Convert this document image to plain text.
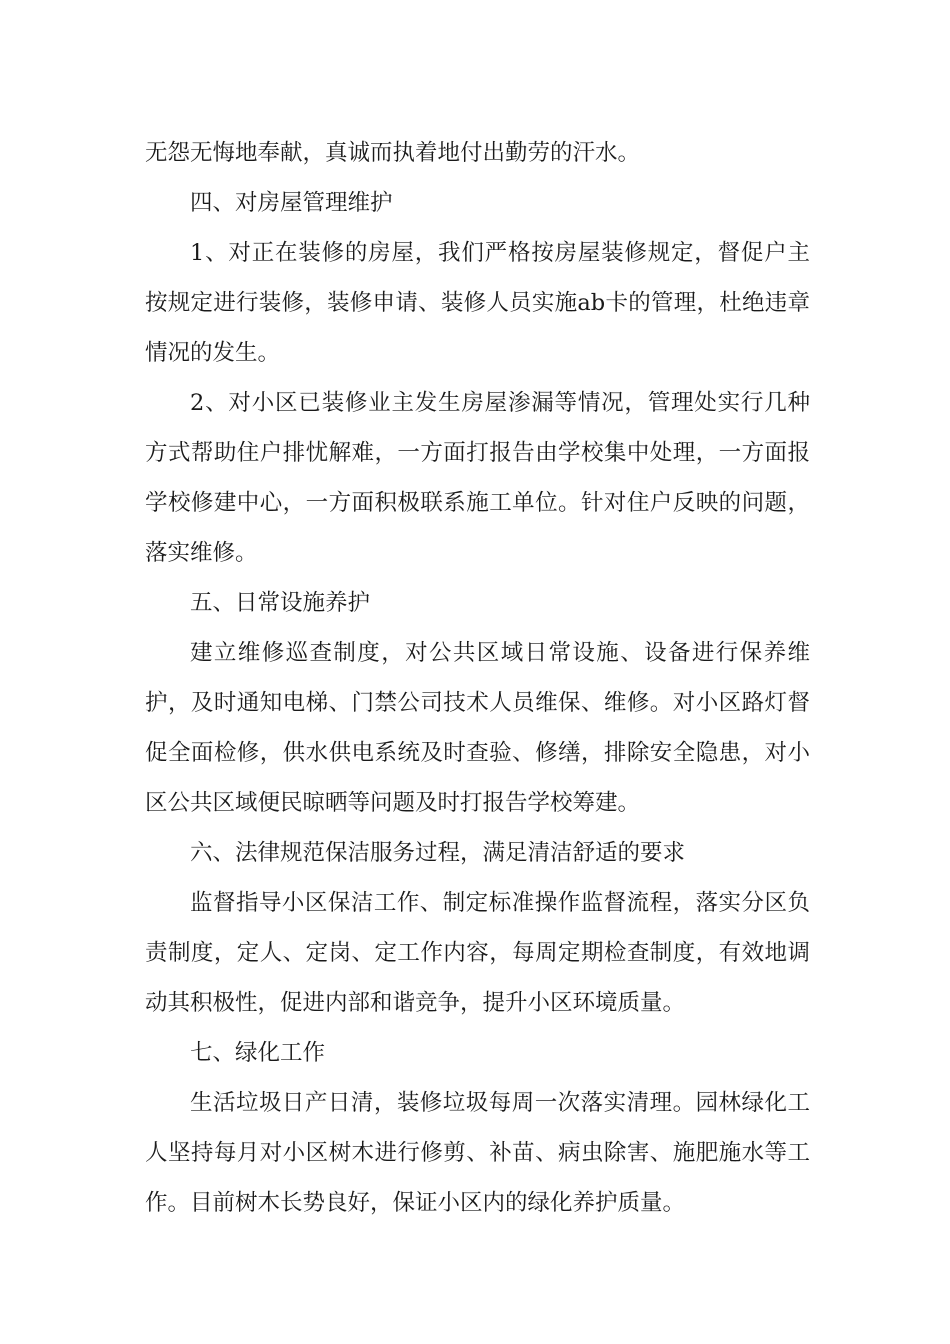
无怨无悔地奉献，真诚而执着地付出勤劳的汗水。

四、对房屋管理维护

1、对正在装修的房屋，我们严格按房屋装修规定，督促户主按规定进行装修，装修申请、装修人员实施ab卡的管理，杜绝违章情况的发生。

2、对小区已装修业主发生房屋渗漏等情况，管理处实行几种方式帮助住户排忧解难，一方面打报告由学校集中处理，一方面报学校修建中心，一方面积极联系施工单位。针对住户反映的问题，落实维修。

五、日常设施养护

建立维修巡查制度，对公共区域日常设施、设备进行保养维护，及时通知电梯、门禁公司技术人员维保、维修。对小区路灯督促全面检修，供水供电系统及时查验、修缮，排除安全隐患，对小区公共区域便民晾晒等问题及时打报告学校筹建。

六、法律规范保洁服务过程，满足清洁舒适的要求

监督指导小区保洁工作、制定标准操作监督流程，落实分区负责制度，定人、定岗、定工作内容，每周定期检查制度，有效地调动其积极性，促进内部和谐竞争，提升小区环境质量。

七、绿化工作

生活垃圾日产日清，装修垃圾每周一次落实清理。园林绿化工人坚持每月对小区树木进行修剪、补苗、病虫除害、施肥施水等工作。目前树木长势良好，保证小区内的绿化养护质量。
